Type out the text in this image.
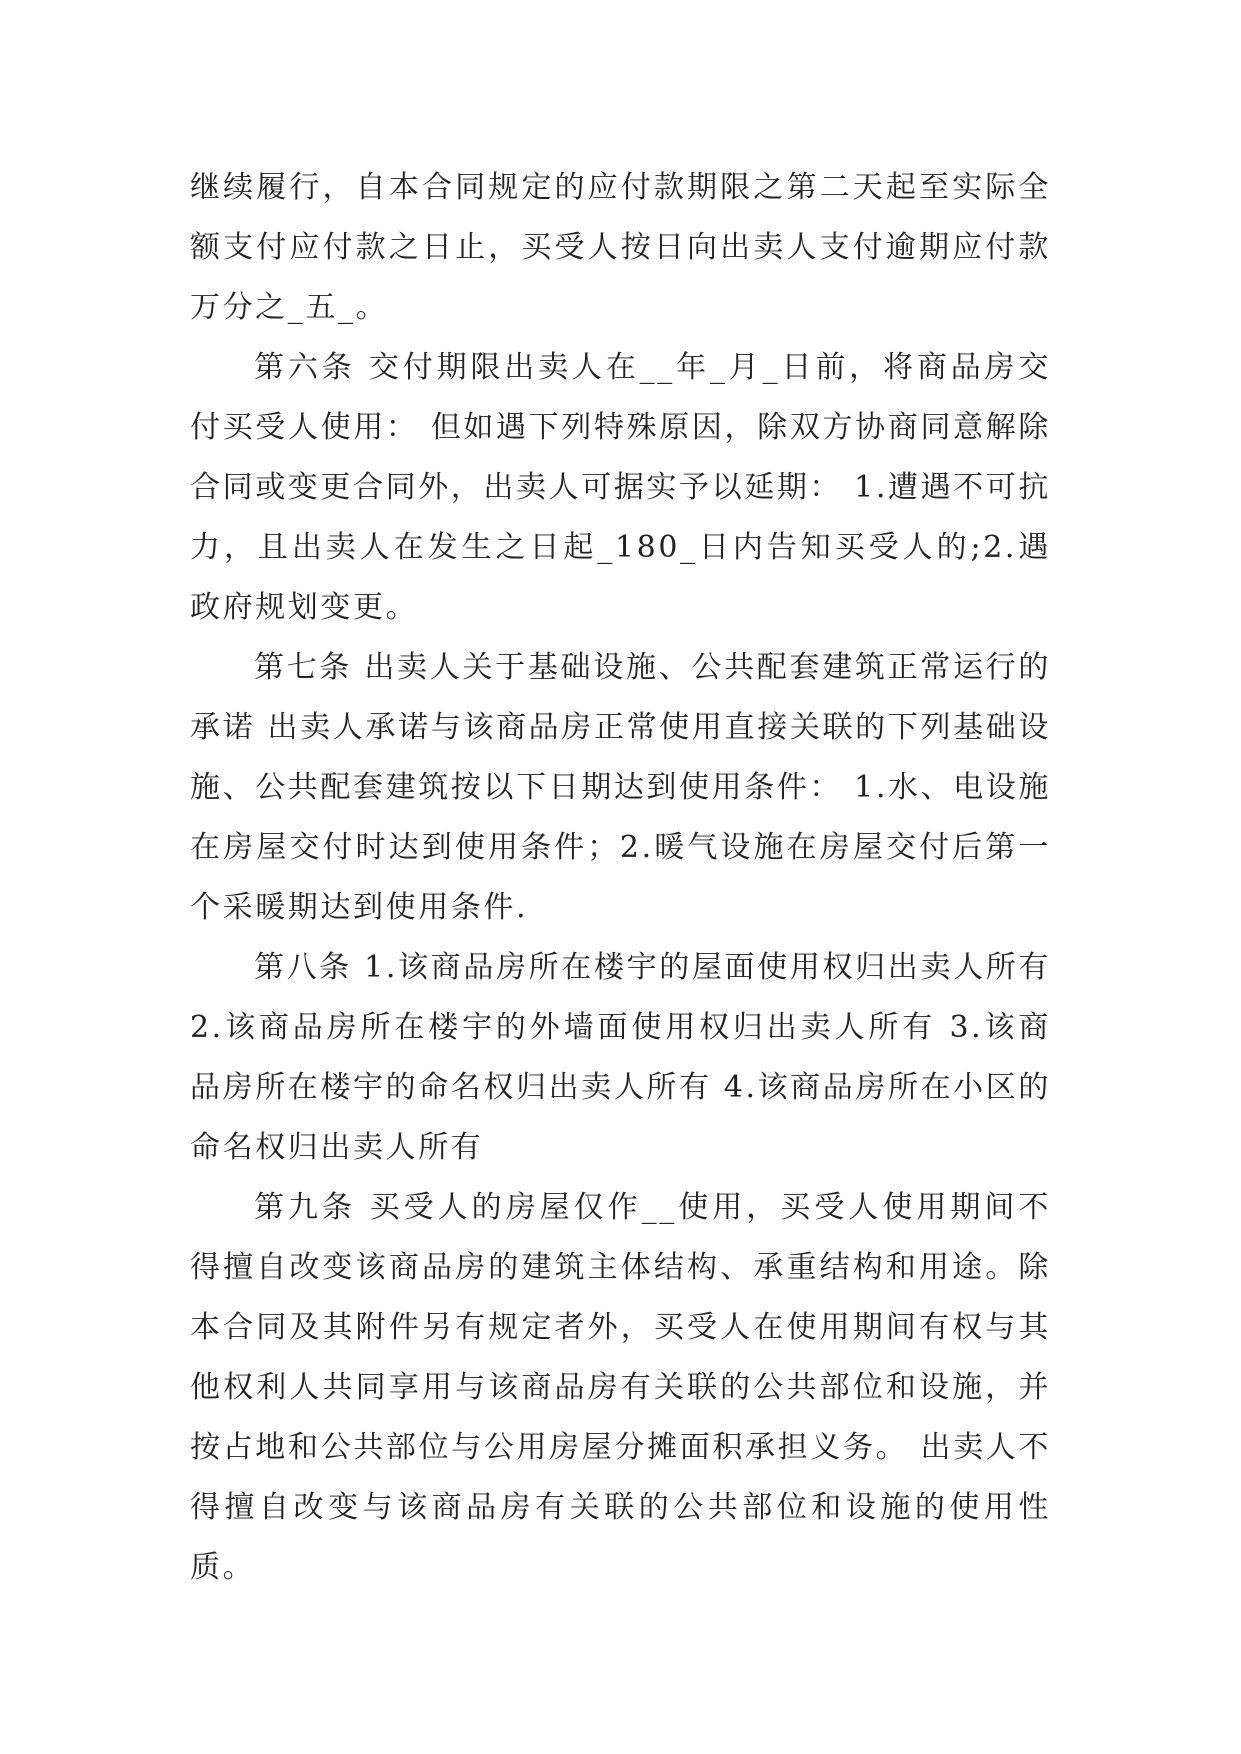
继续履行，自本合同规定的应付款期限之第二天起至实际全额支付应付款之日止，买受人按日向出卖人支付逾期应付款万分之_五_。

第六条 交付期限出卖人在__年_月_日前，将商品房交付买受人使用： 但如遇下列特殊原因，除双方协商同意解除合同或变更合同外，出卖人可据实予以延期： 1.遭遇不可抗力，且出卖人在发生之日起_180_日内告知买受人的;2.遇政府规划变更。

第七条 出卖人关于基础设施、公共配套建筑正常运行的承诺 出卖人承诺与该商品房正常使用直接关联的下列基础设施、公共配套建筑按以下日期达到使用条件： 1.水、电设施在房屋交付时达到使用条件；2.暖气设施在房屋交付后第一个采暖期达到使用条件.

第八条 1.该商品房所在楼宇的屋面使用权归出卖人所有 2.该商品房所在楼宇的外墙面使用权归出卖人所有 3.该商品房所在楼宇的命名权归出卖人所有 4.该商品房所在小区的命名权归出卖人所有

第九条 买受人的房屋仅作__使用，买受人使用期间不得擅自改变该商品房的建筑主体结构、承重结构和用途。除本合同及其附件另有规定者外，买受人在使用期间有权与其他权利人共同享用与该商品房有关联的公共部位和设施，并按占地和公共部位与公用房屋分摊面积承担义务。 出卖人不得擅自改变与该商品房有关联的公共部位和设施的使用性质。
